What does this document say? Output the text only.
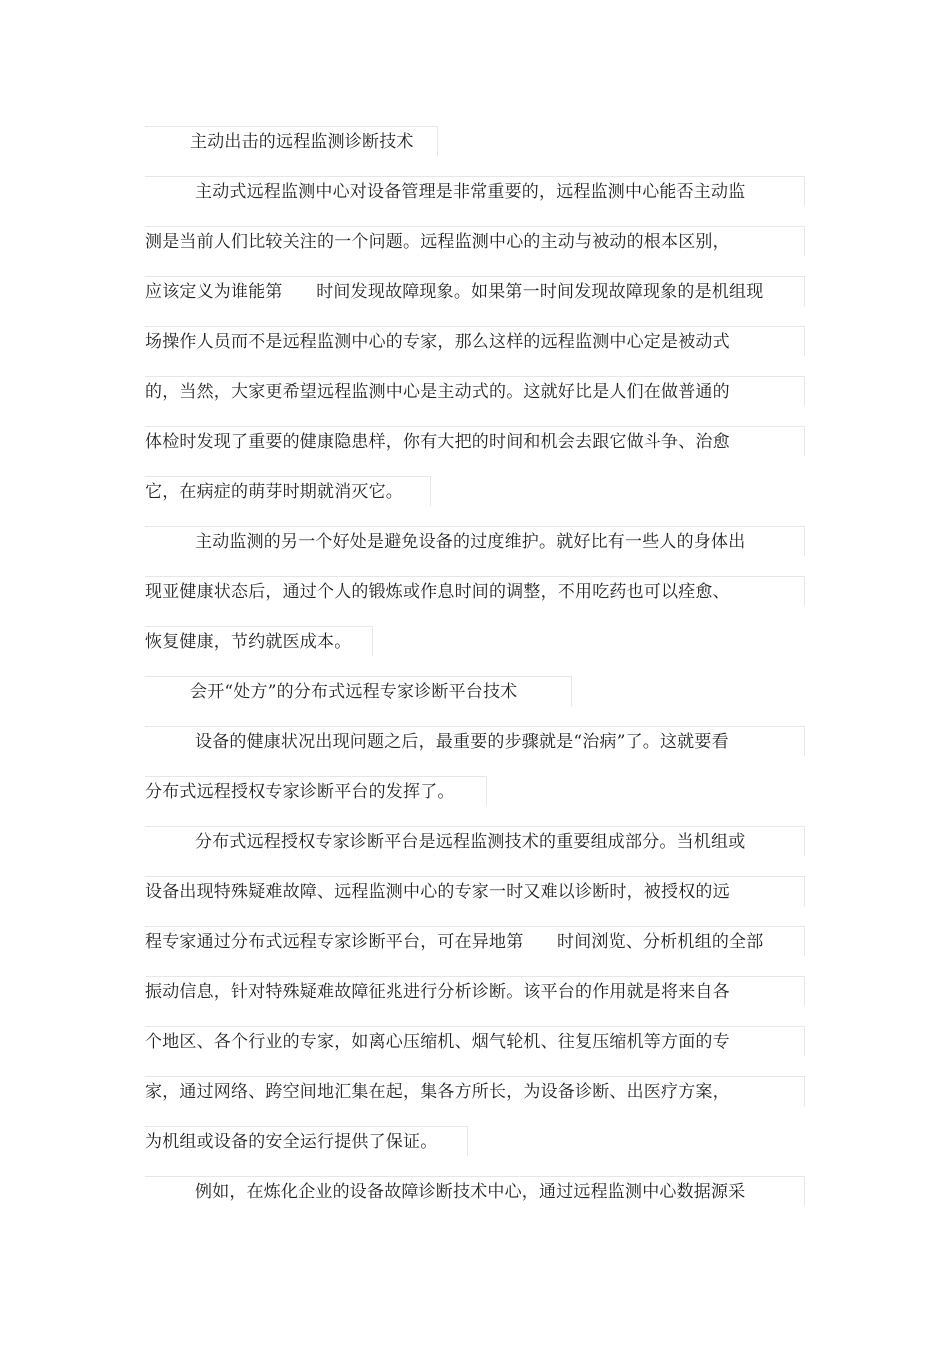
主动出击的远程监测诊断技术
主动式远程监测中心对设备管理是非常重要的，远程监测中心能否主动监
测是当前人们比较关注的一个问题。远程监测中心的主动与被动的根本区别，
应该定义为谁能第      时间发现故障现象。如果第一时间发现故障现象的是机组现
场操作人员而不是远程监测中心的专家，那么这样的远程监测中心定是被动式
的，当然，大家更希望远程监测中心是主动式的。这就好比是人们在做普通的
体检时发现了重要的健康隐患样，你有大把的时间和机会去跟它做斗争、治愈
它，在病症的萌芽时期就消灭它。
主动监测的另一个好处是避免设备的过度维护。就好比有一些人的身体出
现亚健康状态后，通过个人的锻炼或作息时间的调整，不用吃药也可以痊愈、
恢复健康，节约就医成本。
会开“处方”的分布式远程专家诊断平台技术
设备的健康状况出现问题之后，最重要的步骤就是“治病”了。这就要看
分布式远程授权专家诊断平台的发挥了。
分布式远程授权专家诊断平台是远程监测技术的重要组成部分。当机组或
设备出现特殊疑难故障、远程监测中心的专家一时又难以诊断时，被授权的远
程专家通过分布式远程专家诊断平台，可在异地第      时间浏览、分析机组的全部
振动信息，针对特殊疑难故障征兆进行分析诊断。该平台的作用就是将来自各
个地区、各个行业的专家，如离心压缩机、烟气轮机、往复压缩机等方面的专
家，通过网络、跨空间地汇集在起，集各方所长，为设备诊断、出医疗方案，
为机组或设备的安全运行提供了保证。
例如，在炼化企业的设备故障诊断技术中心，通过远程监测中心数据源采
